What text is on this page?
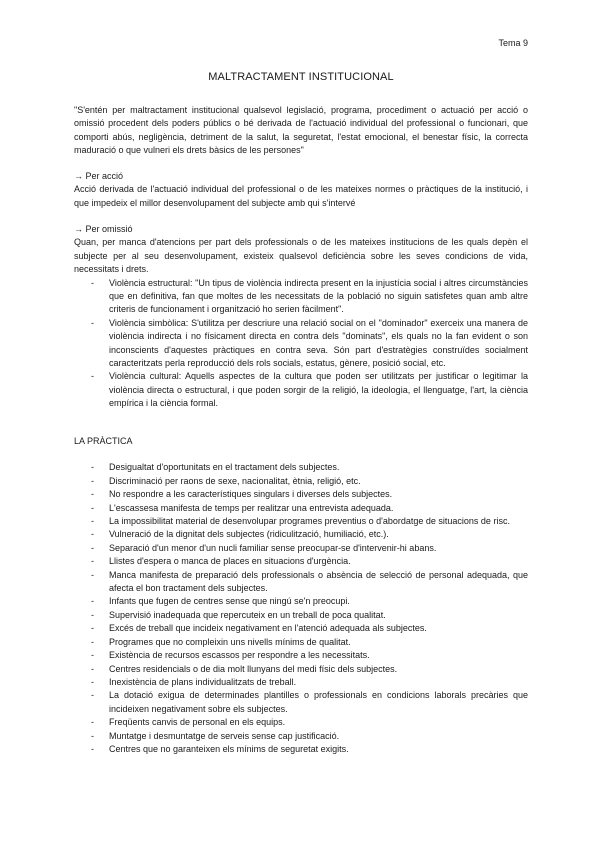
Tema 9
MALTRACTAMENT INSTITUCIONAL

"S'entén per maltractament institucional qualsevol legislació, programa, procediment o actuació per acció o omissió procedent dels poders públics o bé derivada de l'actuació individual del professional o funcionari, que comporti abús, negligència, detriment de la salut, la seguretat, l'estat emocional, el benestar físic, la correcta maduració o que vulneri els drets bàsics de les persones"

→ Per acció

Acció derivada de l'actuació individual del professional o de les mateixes normes o pràctiques de la institució, i que impedeix el millor desenvolupament del subjecte amb qui s'intervé

→ Per omissió

Quan, per manca d'atencions per part dels professionals o de les mateixes institucions de les quals depèn el subjecte per al seu desenvolupament, existeix qualsevol deficiència sobre les seves condicions de vida, necessitats i drets.

- Violència estructural: "Un tipus de violència indirecta present en la injustícia social i altres circumstàncies que en definitiva, fan que moltes de les necessitats de la població no siguin satisfetes quan amb altre criteris de funcionament i organització ho serien fàcilment".
- Violència simbòlica: S'utilitza per descriure una relació social on el "dominador" exerceix una manera de violència indirecta i no físicament directa en contra dels "dominats", els quals no la fan evident o son inconscients d'aquestes pràctiques en contra seva. Són part d'estratègies construïdes socialment caracteritzats perla reproducció dels rols socials, estatus, gènere, posició social, etc.
- Violència cultural: Aquells aspectes de la cultura que poden ser utilitzats per justificar o legitimar la violència directa o estructural, i que poden sorgir de la religió, la ideologia, el llenguatge, l'art, la ciència empírica i la ciència formal.

LA PRÀCTICA

- Desigualtat d'oportunitats en el tractament dels subjectes.
- Discriminació per raons de sexe, nacionalitat, ètnia, religió, etc.
- No respondre a les característiques singulars i diverses dels subjectes.
- L'escassesa manifesta de temps per realitzar una entrevista adequada.
- La impossibilitat material de desenvolupar programes preventius o d'abordatge de situacions de risc.
- Vulneració de la dignitat dels subjectes (ridiculització, humiliació, etc.).
- Separació d'un menor d'un nucli familiar sense preocupar-se d'intervenir-hi abans.
- Llistes d'espera o manca de places en situacions d'urgència.
- Manca manifesta de preparació dels professionals o absència de selecció de personal adequada, que afecta el bon tractament dels subjectes.
- Infants que fugen de centres sense que ningú se'n preocupi.
- Supervisió inadequada que repercuteix en un treball de poca qualitat.
- Excés de treball que incideix negativament en l'atenció adequada als subjectes.
- Programes que no compleixin uns nivells mínims de qualitat.
- Existència de recursos escassos per respondre a les necessitats.
- Centres residencials o de dia molt llunyans del medi físic dels subjectes.
- Inexistència de plans individualitzats de treball.
- La dotació exigua de determinades plantilles o professionals en condicions laborals precàries que incideixen negativament sobre els subjectes.
- Freqüents canvis de personal en els equips.
- Muntatge i desmuntatge de serveis sense cap justificació.
- Centres que no garanteixen els mínims de seguretat exigits.
